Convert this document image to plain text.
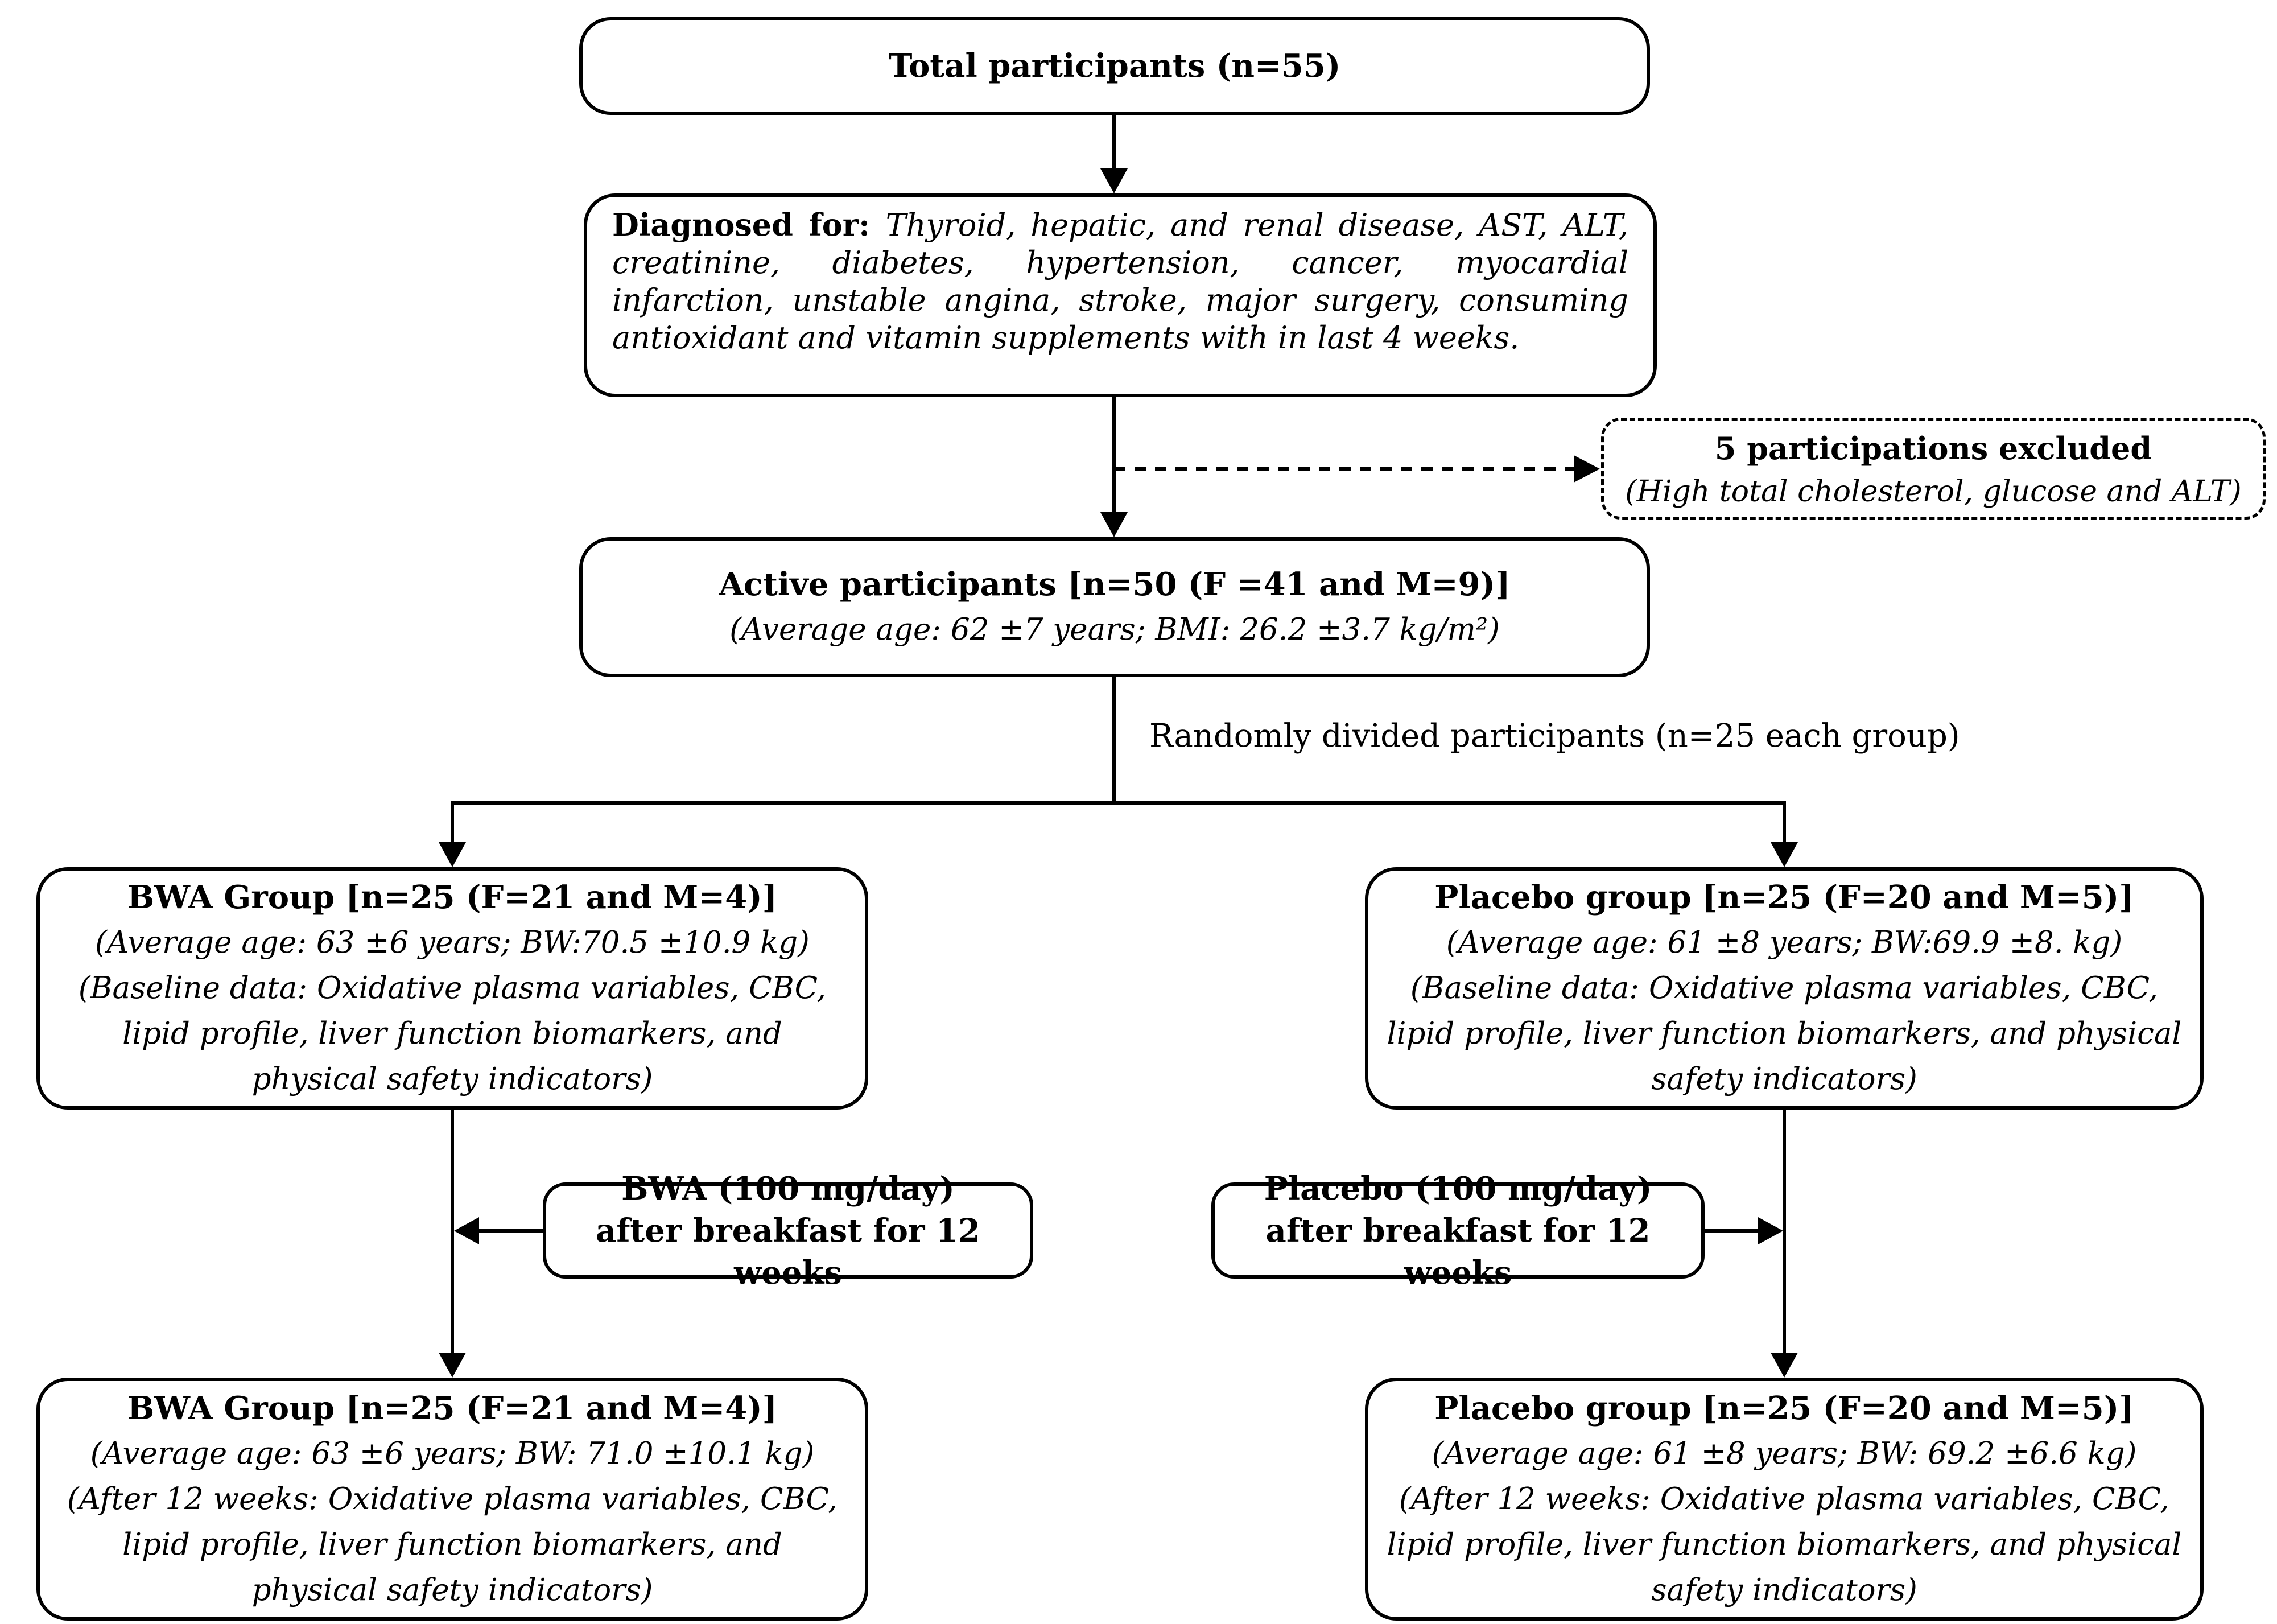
Total participants (n=55)
Diagnosed for: Thyroid, hepatic, and renal disease, AST, ALT, creatinine, diabetes, hypertension, cancer, myocardial infarction, unstable angina, stroke, major surgery, consuming antioxidant and vitamin supplements with in last 4 weeks.
5 participations excluded
(High total cholesterol, glucose and ALT)
Active participants [n=50 (F =41 and M=9)]
(Average age: 62 ±7 years; BMI: 26.2 ±3.7 kg/m²)
Randomly divided participants (n=25 each group)
BWA Group [n=25 (F=21 and M=4)]
(Average age: 63 ±6 years; BW:70.5 ±10.9 kg)
(Baseline data: Oxidative plasma variables, CBC, lipid profile, liver function biomarkers, and physical safety indicators)
Placebo group [n=25 (F=20 and M=5)]
(Average age: 61 ±8 years; BW:69.9 ±8. kg)
(Baseline data: Oxidative plasma variables, CBC, lipid profile, liver function biomarkers, and physical safety indicators)
BWA (100 mg/day) after breakfast for 12 weeks
Placebo (100 mg/day) after breakfast for 12 weeks
BWA Group [n=25 (F=21 and M=4)]
(Average age: 63 ±6 years; BW: 71.0 ±10.1 kg)
(After 12 weeks: Oxidative plasma variables, CBC, lipid profile, liver function biomarkers, and physical safety indicators)
Placebo group [n=25 (F=20 and M=5)]
(Average age: 61 ±8 years; BW: 69.2 ±6.6 kg)
(After 12 weeks: Oxidative plasma variables, CBC, lipid profile, liver function biomarkers, and physical safety indicators)
